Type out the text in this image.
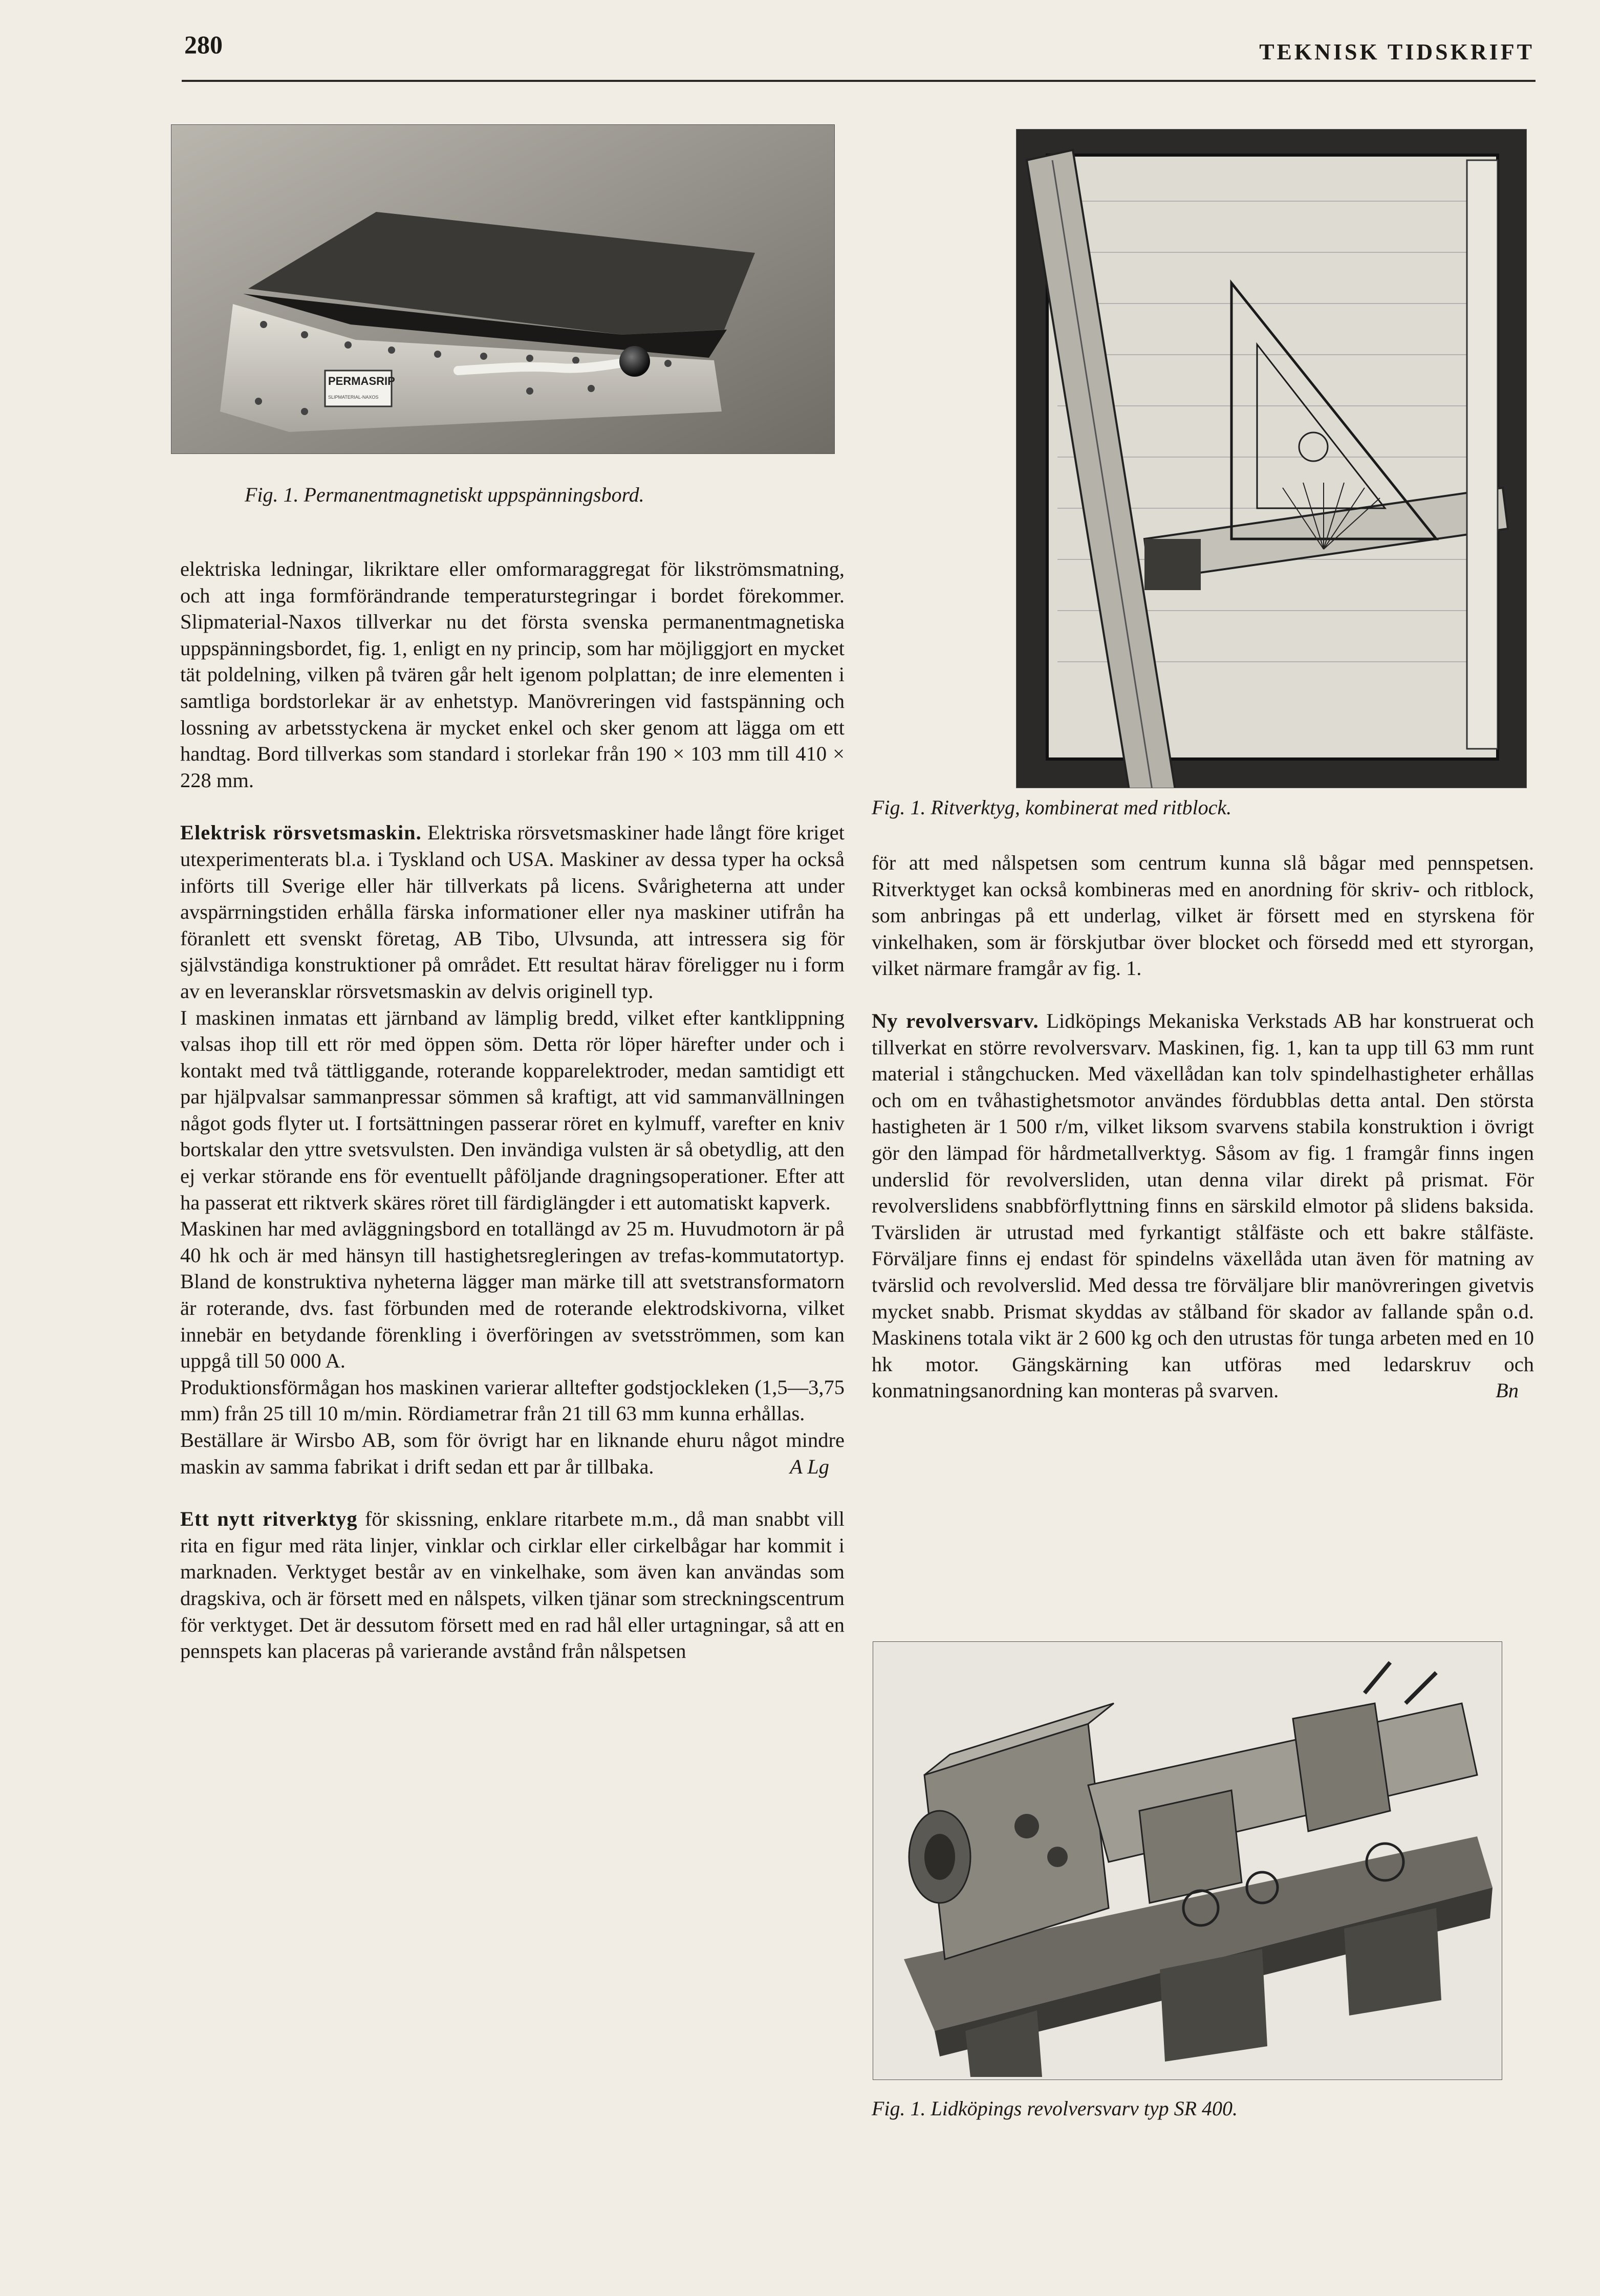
280	TEKNISK TIDSKRIFT
PERMASRIP
SLIPMATERIAL-NAXOS
Fig. 1. Permanentmagnetiskt uppspänningsbord.
Fig. 1. Ritverktyg, kombinerat med ritblock.
Fig. 1. Lidköpings revolversvarv typ SR 400.

elektriska ledningar, likriktare eller omformaraggregat för likströmsmatning, och att inga formförändrande temperaturstegringar i bordet förekommer. Slipmaterial-Naxos tillverkar nu det första svenska permanentmagnetiska uppspänningsbordet, fig. 1, enligt en ny princip, som har möjliggjort en mycket tät poldelning, vilken på tvären går helt igenom polplattan; de inre elementen i samtliga bordstorlekar är av enhetstyp. Manövreringen vid fastspänning och lossning av arbetsstyckena är mycket enkel och sker genom att lägga om ett handtag. Bord tillverkas som standard i storlekar från 190 × 103 mm till 410 × 228 mm.

Elektrisk rörsvetsmaskin. Elektriska rörsvetsmaskiner hade långt före kriget utexperimenterats bl.a. i Tyskland och USA. Maskiner av dessa typer ha också införts till Sverige eller här tillverkats på licens. Svårigheterna att under avspärrningstiden erhålla färska informationer eller nya maskiner utifrån ha föranlett ett svenskt företag, AB Tibo, Ulvsunda, att intressera sig för självständiga konstruktioner på området. Ett resultat härav föreligger nu i form av en leveransklar rörsvetsmaskin av delvis originell typ.

I maskinen inmatas ett järnband av lämplig bredd, vilket efter kantklippning valsas ihop till ett rör med öppen söm. Detta rör löper härefter under och i kontakt med två tättliggande, roterande kopparelektroder, medan samtidigt ett par hjälpvalsar sammanpressar sömmen så kraftigt, att vid sammanvällningen något gods flyter ut. I fortsättningen passerar röret en kylmuff, varefter en kniv bortskalar den yttre svetsvulsten. Den invändiga vulsten är så obetydlig, att den ej verkar störande ens för eventuellt påföljande dragningsoperationer. Efter att ha passerat ett riktverk skäres röret till färdiglängder i ett automatiskt kapverk.

Maskinen har med avläggningsbord en totallängd av 25 m. Huvudmotorn är på 40 hk och är med hänsyn till hastighetsregleringen av trefas-kommutatortyp. Bland de konstruktiva nyheterna lägger man märke till att svetstransformatorn är roterande, dvs. fast förbunden med de roterande elektrodskivorna, vilket innebär en betydande förenkling i överföringen av svetsströmmen, som kan uppgå till 50 000 A.

Produktionsförmågan hos maskinen varierar alltefter godstjockleken (1,5—3,75 mm) från 25 till 10 m/min. Rördiametrar från 21 till 63 mm kunna erhållas.

Beställare är Wirsbo AB, som för övrigt har en liknande ehuru något mindre maskin av samma fabrikat i drift sedan ett par år tillbaka.	A Lg

Ett nytt ritverktyg för skissning, enklare ritarbete m.m., då man snabbt vill rita en figur med räta linjer, vinklar och cirklar eller cirkelbågar har kommit i marknaden. Verktyget består av en vinkelhake, som även kan användas som dragskiva, och är försett med en nålspets, vilken tjänar som streckningscentrum för verktyget. Det är dessutom försett med en rad hål eller urtagningar, så att en pennspets kan placeras på varierande avstånd från nålspetsen

för att med nålspetsen som centrum kunna slå bågar med pennspetsen. Ritverktyget kan också kombineras med en anordning för skriv- och ritblock, som anbringas på ett underlag, vilket är försett med en styrskena för vinkelhaken, som är förskjutbar över blocket och försedd med ett styrorgan, vilket närmare framgår av fig. 1.

Ny revolversvarv. Lidköpings Mekaniska Verkstads AB har konstruerat och tillverkat en större revolversvarv. Maskinen, fig. 1, kan ta upp till 63 mm runt material i stångchucken. Med växellådan kan tolv spindelhastigheter erhållas och om en tvåhastighetsmotor användes fördubblas detta antal. Den största hastigheten är 1 500 r/m, vilket liksom svarvens stabila konstruktion i övrigt gör den lämpad för hårdmetallverktyg. Såsom av fig. 1 framgår finns ingen underslid för revolversliden, utan denna vilar direkt på prismat. För revolverslidens snabbförflyttning finns en särskild elmotor på slidens baksida. Tvärsliden är utrustad med fyrkantigt stålfäste och ett bakre stålfäste. Förväljare finns ej endast för spindelns växellåda utan även för matning av tvärslid och revolverslid. Med dessa tre förväljare blir manövreringen givetvis mycket snabb. Prismat skyddas av stålband för skador av fallande spån o.d. Maskinens totala vikt är 2 600 kg och den utrustas för tunga arbeten med en 10 hk motor. Gängskärning kan utföras med ledarskruv och konmatningsanordning kan monteras på svarven.	Bn
